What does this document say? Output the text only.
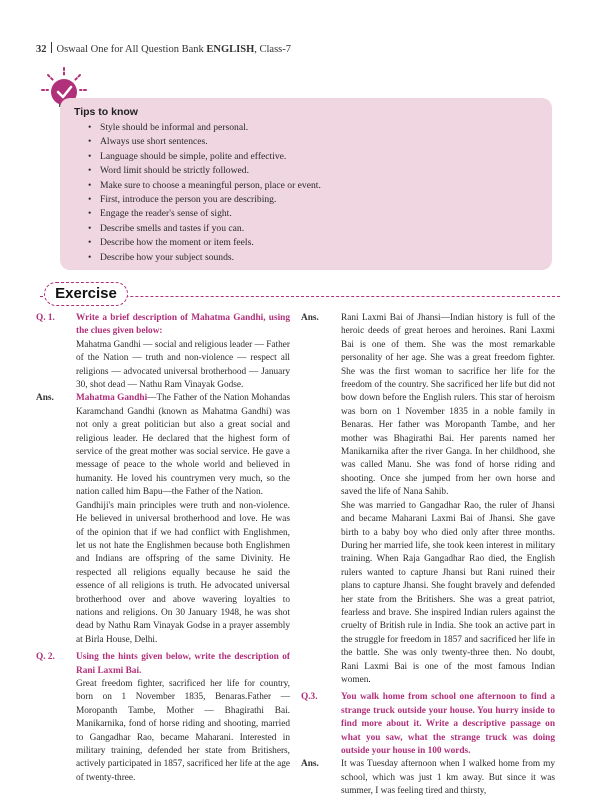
32 Oswaal One for All Question Bank ENGLISH, Class-7
Tips to know
• Style should be informal and personal.
• Always use short sentences.
• Language should be simple, polite and effective.
• Word limit should be strictly followed.
• Make sure to choose a meaningful person, place or event.
• First, introduce the person you are describing.
• Engage the reader's sense of sight.
• Describe smells and tastes if you can.
• Describe how the moment or item feels.
• Describe how your subject sounds.
Exercise
Q. 1. Write a brief description of Mahatma Gandhi, using the clues given below:

Mahatma Gandhi — social and religious leader — Father of the Nation — truth and non-violence — respect all religions — advocated universal brotherhood — January 30, shot dead — Nathu Ram Vinayak Godse.

Ans. Mahatma Gandhi—The Father of the Nation Mohandas Karamchand Gandhi (known as Mahatma Gandhi) was not only a great politician but also a great social and religious leader. He declared that the highest form of service of the great mother was social service. He gave a message of peace to the whole world and believed in humanity. He loved his countrymen very much, so the nation called him Bapu—the Father of the Nation.

Gandhiji's main principles were truth and non-violence. He believed in universal brotherhood and love. He was of the opinion that if we had conflict with Englishmen, let us not hate the Englishmen because both Englishmen and Indians are offspring of the same Divinity. He respected all religions equally because he said the essence of all religions is truth. He advocated universal brotherhood over and above wavering loyalties to nations and religions. On 30 January 1948, he was shot dead by Nathu Ram Vinayak Godse in a prayer assembly at Birla House, Delhi.

Q. 2. Using the hints given below, write the description of Rani Laxmi Bai.

Great freedom fighter, sacrificed her life for country, born on 1 November 1835, Benaras.Father — Moropanth Tambe, Mother — Bhagirathi Bai. Manikarnika, fond of horse riding and shooting, married to Gangadhar Rao, became Maharani. Interested in military training, defended her state from Britishers, actively participated in 1857, sacrificed her life at the age of twenty-three.

Ans. Rani Laxmi Bai of Jhansi—Indian history is full of the heroic deeds of great heroes and heroines. Rani Laxmi Bai is one of them. She was the most remarkable personality of her age. She was a great freedom fighter. She was the first woman to sacrifice her life for the freedom of the country. She sacrificed her life but did not bow down before the English rulers. This star of heroism was born on 1 November 1835 in a noble family in Benaras. Her father was Moropanth Tambe, and her mother was Bhagirathi Bai. Her parents named her Manikarnika after the river Ganga. In her childhood, she was called Manu. She was fond of horse riding and shooting. Once she jumped from her own horse and saved the life of Nana Sahib.

She was married to Gangadhar Rao, the ruler of Jhansi and became Maharani Laxmi Bai of Jhansi. She gave birth to a baby boy who died only after three months. During her married life, she took keen interest in military training. When Raja Gangadhar Rao died, the English rulers wanted to capture Jhansi but Rani ruined their plans to capture Jhansi. She fought bravely and defended her state from the Britishers. She was a great patriot, fearless and brave. She inspired Indian rulers against the cruelty of British rule in India. She took an active part in the struggle for freedom in 1857 and sacrificed her life in the battle. She was only twenty-three then. No doubt, Rani Laxmi Bai is one of the most famous Indian women.

Q.3.	You walk home from school one afternoon to find a strange truck outside your house. You hurry inside to find more about it. Write a descriptive passage on what you saw, what the strange truck was doing outside your house in 100 words.

Ans. It was Tuesday afternoon when I walked home from my school, which was just 1 km away. But since it was summer, I was feeling tired and thirsty,
